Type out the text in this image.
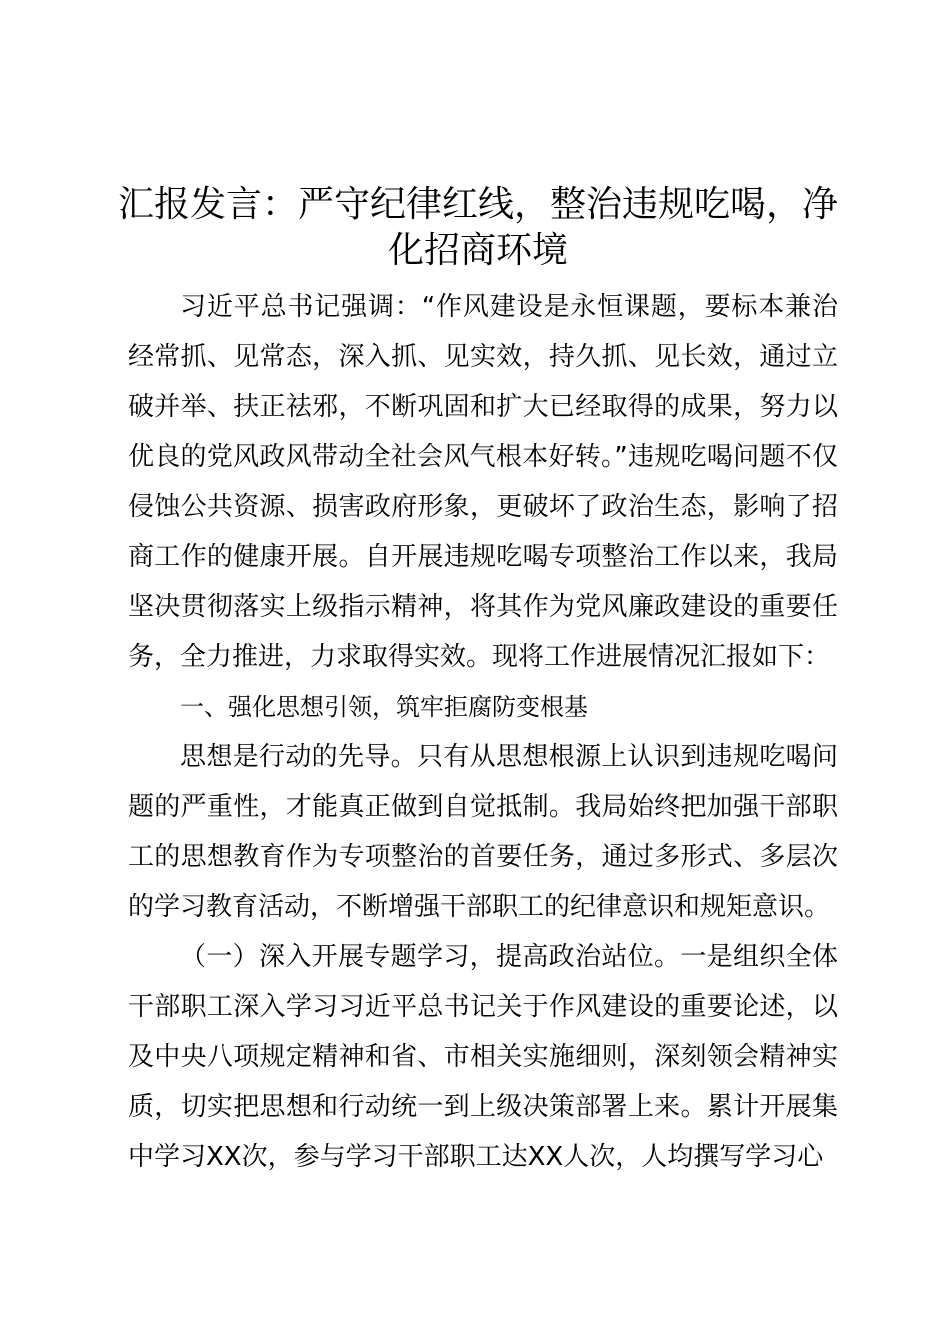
汇报发言：严守纪律红线，整治违规吃喝，净
化招商环境

习近平总书记强调：“作风建设是永恒课题，要标本兼治经常抓、见常态，深入抓、见实效，持久抓、见长效，通过立破并举、扶正祛邪，不断巩固和扩大已经取得的成果，努力以优良的党风政风带动全社会风气根本好转。”违规吃喝问题不仅侵蚀公共资源、损害政府形象，更破坏了政治生态，影响了招商工作的健康开展。自开展违规吃喝专项整治工作以来，我局坚决贯彻落实上级指示精神，将其作为党风廉政建设的重要任务，全力推进，力求取得实效。现将工作进展情况汇报如下：

一、强化思想引领，筑牢拒腐防变根基

思想是行动的先导。只有从思想根源上认识到违规吃喝问题的严重性，才能真正做到自觉抵制。我局始终把加强干部职工的思想教育作为专项整治的首要任务，通过多形式、多层次的学习教育活动，不断增强干部职工的纪律意识和规矩意识。

（一）深入开展专题学习，提高政治站位。一是组织全体干部职工深入学习习近平总书记关于作风建设的重要论述，以及中央八项规定精神和省、市相关实施细则，深刻领会精神实质，切实把思想和行动统一到上级决策部署上来。累计开展集中学习XX次，参与学习干部职工达XX人次，人均撰写学习心
